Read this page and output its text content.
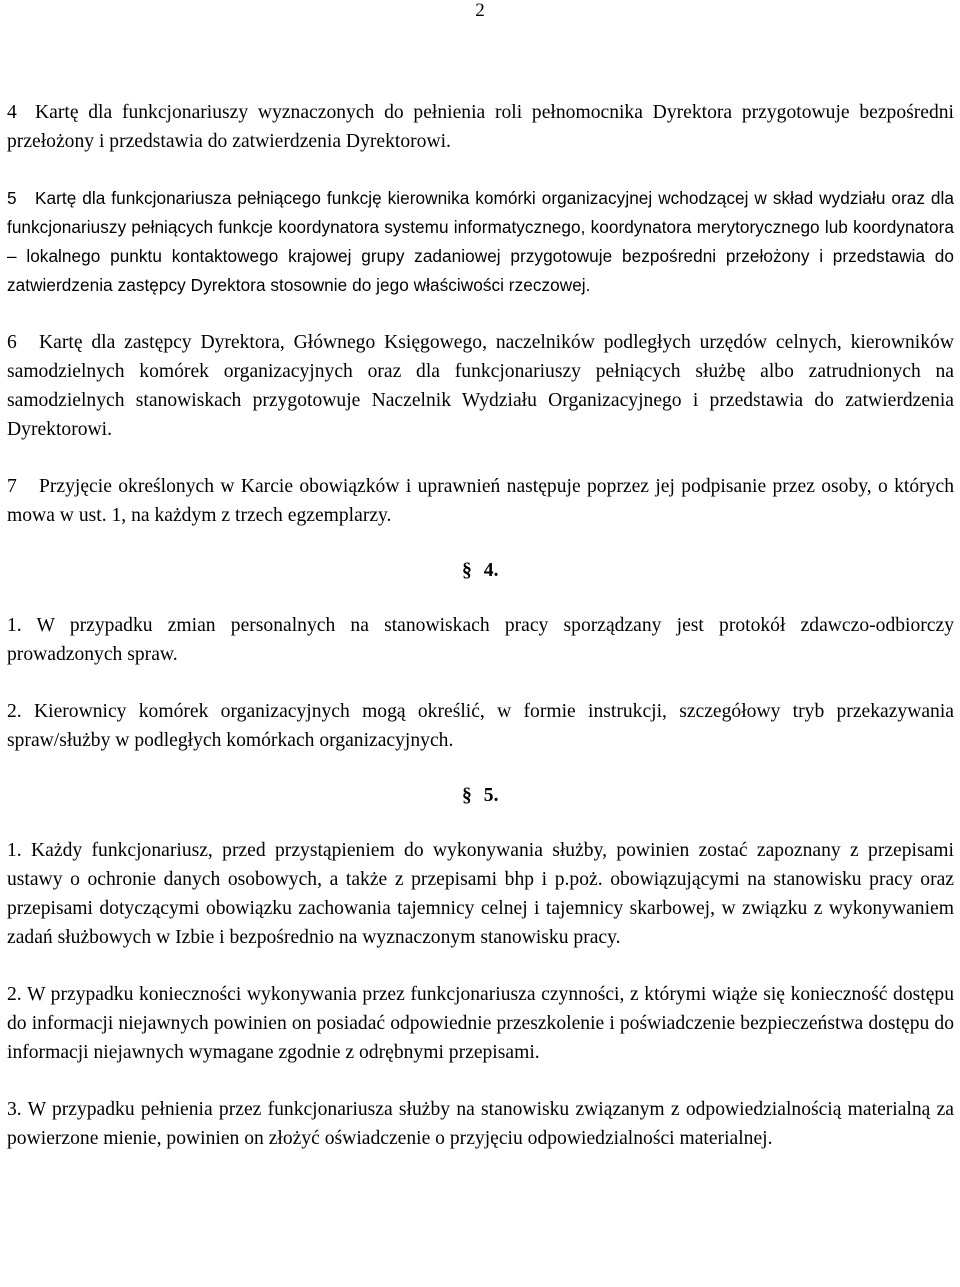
2

4 Kartę dla funkcjonariuszy wyznaczonych do pełnienia roli pełnomocnika Dyrektora przygotowuje bezpośredni przełożony i przedstawia do zatwierdzenia Dyrektorowi.

5 Kartę dla funkcjonariusza pełniącego funkcję kierownika komórki organizacyjnej wchodzącej w skład wydziału oraz dla funkcjonariuszy pełniących funkcje koordynatora systemu informatycznego, koordynatora merytorycznego lub koordynatora – lokalnego punktu kontaktowego krajowej grupy zadaniowej przygotowuje bezpośredni przełożony i przedstawia do zatwierdzenia zastępcy Dyrektora stosownie do jego właściwości rzeczowej.

6 Kartę dla zastępcy Dyrektora, Głównego Księgowego, naczelników podległych urzędów celnych, kierowników samodzielnych komórek organizacyjnych oraz dla funkcjonariuszy pełniących służbę albo zatrudnionych na samodzielnych stanowiskach przygotowuje Naczelnik Wydziału Organizacyjnego i przedstawia do zatwierdzenia Dyrektorowi.

7 Przyjęcie określonych w Karcie obowiązków i uprawnień następuje poprzez jej podpisanie przez osoby, o których mowa w ust. 1, na każdym z trzech egzemplarzy.

§ 4.

1. W przypadku zmian personalnych na stanowiskach pracy sporządzany jest protokół zdawczo-odbiorczy prowadzonych spraw.

2. Kierownicy komórek organizacyjnych mogą określić, w formie instrukcji, szczegółowy tryb przekazywania spraw/służby w podległych komórkach organizacyjnych.

§ 5.

1. Każdy funkcjonariusz, przed przystąpieniem do wykonywania służby, powinien zostać zapoznany z przepisami ustawy o ochronie danych osobowych, a także z przepisami bhp i p.poż. obowiązującymi na stanowisku pracy oraz przepisami dotyczącymi obowiązku zachowania tajemnicy celnej i tajemnicy skarbowej, w związku z wykonywaniem zadań służbowych w Izbie i bezpośrednio na wyznaczonym stanowisku pracy.

2. W przypadku konieczności wykonywania przez funkcjonariusza czynności, z którymi wiąże się konieczność dostępu do informacji niejawnych powinien on posiadać odpowiednie przeszkolenie i poświadczenie bezpieczeństwa dostępu do informacji niejawnych wymagane zgodnie z odrębnymi przepisami.

3. W przypadku pełnienia przez funkcjonariusza służby na stanowisku związanym z odpowiedzialnością materialną za powierzone mienie, powinien on złożyć oświadczenie o przyjęciu odpowiedzialności materialnej.
